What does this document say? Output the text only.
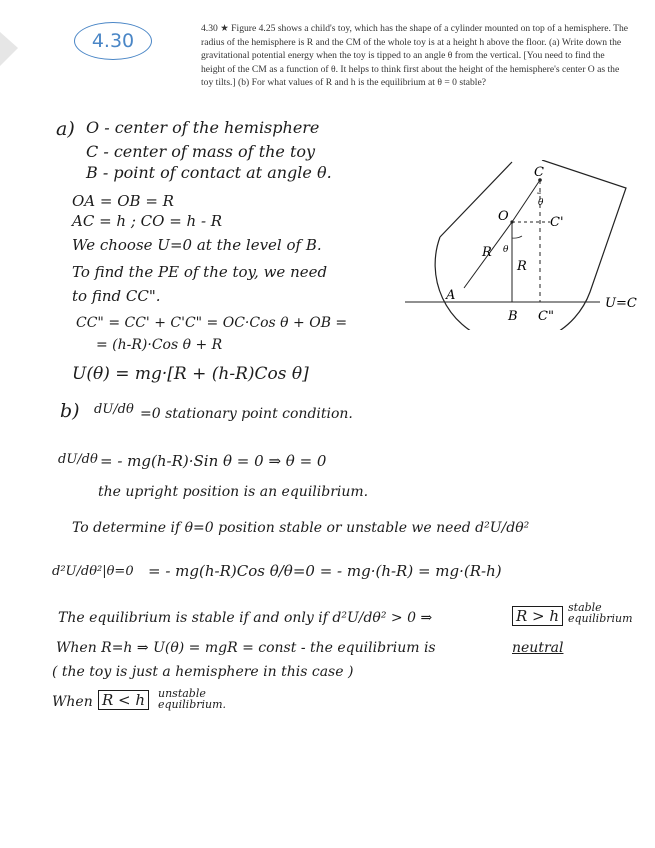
4.30
4.30 ★ Figure 4.25 shows a child's toy, which has the shape of a cylinder mounted on top of a hemisphere. The radius of the hemisphere is R and the CM of the whole toy is at a height h above the floor. (a) Write down the gravitational potential energy when the toy is tipped to an angle θ from the vertical. [You need to find the height of the CM as a function of θ. It helps to think first about the height of the hemisphere's center O as the toy tilts.] (b) For what values of R and h is the equilibrium at θ = 0 stable?
a) O - center of the hemisphere
C - center of mass of the toy
B - point of contact at angle θ.
OA = OB = R
AC = h ; CO = h - R
We choose U=0 at the level of B.
To find the PE of the toy, we need
to find CC".
CC" = CC' + C'C" = OC·Cos θ + OB =
= (h-R)·Cos θ + R
U(θ) = mg·[R + (h-R)Cos θ]
C
θ
O
θ
C'
R
R
A
B C"
U=C
b) dU/dθ =0 stationary point condition.
dU/dθ = - mg(h-R)·Sin θ = 0 ⇒ θ = 0
the upright position is an equilibrium.
To determine if θ=0 position stable or unstable we need d²U/dθ²
d²U/dθ²|θ=0 = - mg(h-R)Cos θ/θ=0 = - mg·(h-R) = mg·(R-h)
The equilibrium is stable if and only if d²U/dθ² > 0 ⇒	R > h stable equilibrium
When R=h ⇒ U(θ) = mgR = const - the equilibrium is	neutral
( the toy is just a hemisphere in this case )
When R < h	unstable equilibrium.
